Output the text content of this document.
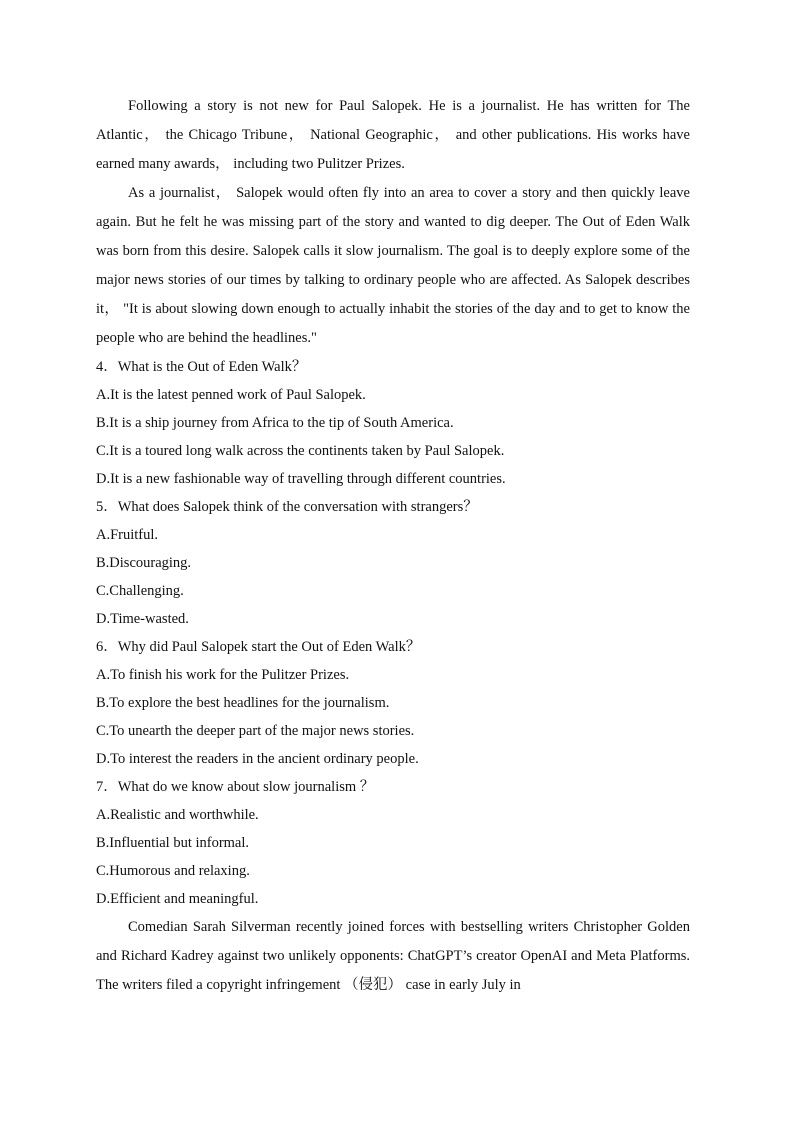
Following a story is not new for Paul Salopek. He is a journalist. He has written for The Atlantic， the Chicago Tribune， National Geographic， and other publications. His works have earned many awards， including two Pulitzer Prizes.

As a journalist， Salopek would often fly into an area to cover a story and then quickly leave again. But he felt he was missing part of the story and wanted to dig deeper. The Out of Eden Walk was born from this desire. Salopek calls it slow journalism. The goal is to deeply explore some of the major news stories of our times by talking to ordinary people who are affected. As Salopek describes it， "It is about slowing down enough to actually inhabit the stories of the day and to get to know the people who are behind the headlines."

4．What is the Out of Eden Walk？

A.It is the latest penned work of Paul Salopek.

B.It is a ship journey from Africa to the tip of South America.

C.It is a toured long walk across the continents taken by Paul Salopek.

D.It is a new fashionable way of travelling through different countries.

5．What does Salopek think of the conversation with strangers？

A.Fruitful.

B.Discouraging.

C.Challenging.

D.Time-wasted.

6．Why did Paul Salopek start the Out of Eden Walk？

A.To finish his work for the Pulitzer Prizes.

B.To explore the best headlines for the journalism.

C.To unearth the deeper part of the major news stories.

D.To interest the readers in the ancient ordinary people.

7．What do we know about slow journalism ？

A.Realistic and worthwhile.

B.Influential but informal.

C.Humorous and relaxing.

D.Efficient and meaningful.

Comedian Sarah Silverman recently joined forces with bestselling writers Christopher Golden and Richard Kadrey against two unlikely opponents: ChatGPT’s creator OpenAI and Meta Platforms. The writers filed a copyright infringement （侵犯） case in early July in
